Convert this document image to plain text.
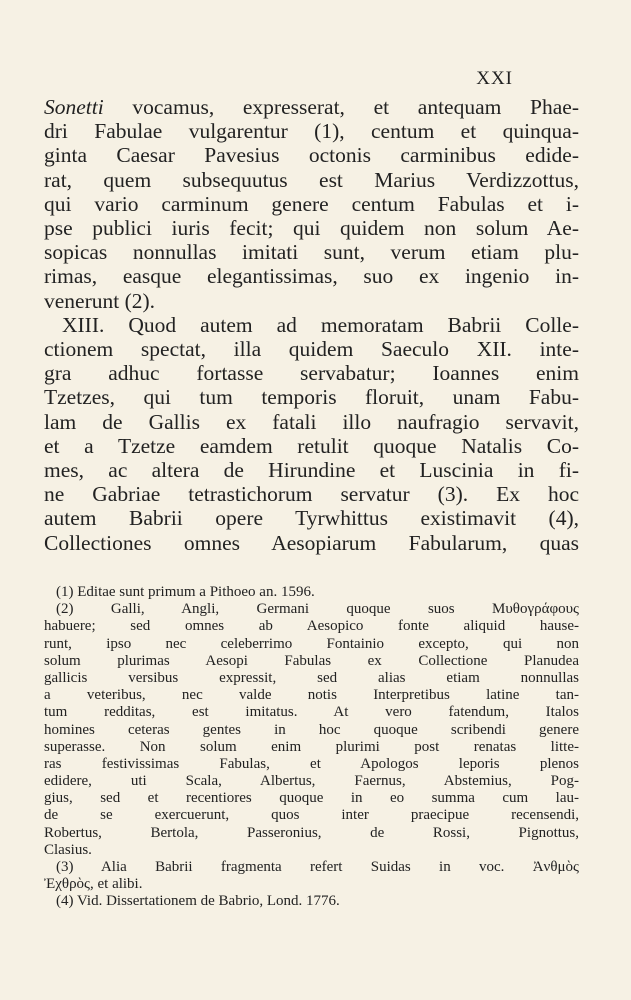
XXI
Sonetti vocamus, expresserat, et antequam Phae-
dri Fabulae vulgarentur (1), centum et quinqua-
ginta Caesar Pavesius octonis carminibus edide-
rat, quem subsequutus est Marius Verdizzottus,
qui vario carminum genere centum Fabulas et i-
pse publici iuris fecit; qui quidem non solum Ae-
sopicas nonnullas imitati sunt, verum etiam plu-
rimas, easque elegantissimas, suo ex ingenio in-
venerunt (2).
XIII. Quod autem ad memoratam Babrii Colle-
ctionem spectat, illa quidem Saeculo XII. inte-
gra adhuc fortasse servabatur; Ioannes enim
Tzetzes, qui tum temporis floruit, unam Fabu-
lam de Gallis ex fatali illo naufragio servavit,
et a Tzetze eamdem retulit quoque Natalis Co-
mes, ac altera de Hirundine et Luscinia in fi-
ne Gabriae tetrastichorum servatur (3). Ex hoc
autem Babrii opere Tyrwhittus existimavit (4),
Collectiones omnes Aesopiarum Fabularum, quas
(1) Editae sunt primum a Pithoeo an. 1596.
(2) Galli, Angli, Germani quoque suos Μυθογράφους
habuere; sed omnes ab Aesopico fonte aliquid hause-
runt, ipso nec celeberrimo Fontainio excepto, qui non
solum plurimas Aesopi Fabulas ex Collectione Planudea
gallicis versibus expressit, sed alias etiam nonnullas
a veteribus, nec valde notis Interpretibus latine tan-
tum redditas, est imitatus. At vero fatendum, Italos
homines ceteras gentes in hoc quoque scribendi genere
superasse. Non solum enim plurimi post renatas litte-
ras festivissimas Fabulas, et Apologos leporis plenos
edidere, uti Scala, Albertus, Faernus, Abstemius, Pog-
gius, sed et recentiores quoque in eo summa cum lau-
de se exercuerunt, quos inter praecipue recensendi,
Robertus, Bertola, Passeronius, de Rossi, Pignottus,
Clasius.
(3) Alia Babrii fragmenta refert Suidas in voc. Ἀνθμὸς
Ἐχθρὸς, et alibi.
(4) Vid. Dissertationem de Babrio, Lond. 1776.
